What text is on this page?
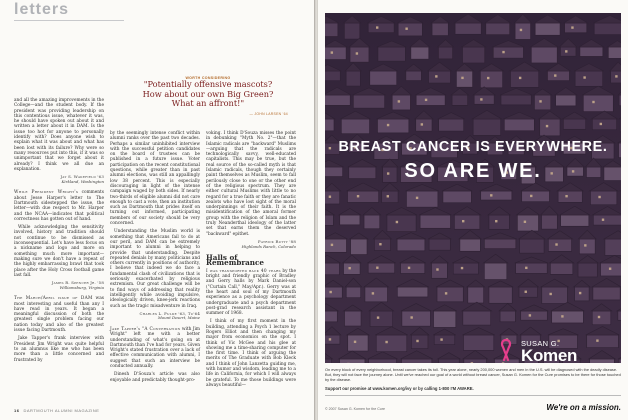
letters
WORTH CONSIDERING
"Potentially offensive mascots?
How about our own Big Green?
What an affront!"
— JOHN LARSEN '64

and all the amazing improvements in the College—and the student body. If the president was providing leadership on this contentious issue, whatever it was, he should have spoken out about it and written a letter about it in DAM. Is the issue too hot for anyone to personally identify with? Does anyone wish to explain what it was about and what has been lost with its failure? Why were so many resources put into this, if it was so unimportant that we forget about it already? I think we all due an explanation.

Jay S. Wakefield '63
Kirkland, Washington

While President Wright's comments about Jesse Harper's letter to The Dartmouth sidestepped the issue, the letter—with due respect to Mr. Harper and the NCAA—indicates that political correctness has gotten out of hand.

While acknowledging the sensitivity involved, history and tradition should not continue to be dismissed as inconsequential. Let's have less focus on a nickname and logo and more on something much more important—making sure we don't have a repeat of the highly embarrassing brawl that took place after the Holy Cross football game last fall.

James R. Spencer Jr. '58
Williamsburg, Virginia

The March/April issue of DAM was most interesting and useful than any I have read in years. It began a meaningful discussion of both the greatest single problem facing our nation today and also of the greatest issue facing Dartmouth.

Jake Tapper's frank interview with President Jim Wright was quite helpful to an alumnus like me who has been more than a little concerned and frustrated by

by the seemingly intense conflict within alumni ranks over the past two decades. Perhaps a similar uninhibited interview with the successful petition candidates on the board of trustees can be published in a future issue. Voter participation on the recent constitutional questions, while greater than in past alumni elections, was still an appallingly low 38 percent. This is especially discouraging in light of the intense campaign waged by both sides. If nearly two-thirds of eligible alumni did not care enough to cast a vote, then an institution such as Dartmouth that prides itself on turning out informed, participating members of our society should be very concerned.

Understanding the Muslim world is something that Americans fail to do at our peril, and DAM can be extremely important to alumni in helping to provide that understanding. Despite repeated denials by many politicians and others currently in positions of authority, I believe that indeed we do face a fundamental clash of civilizations that is seriously exacerbated by religious extremism. Our great challenge will be to find ways of addressing that reality intelligently while avoiding impulsive, ideologically driven, knee-jerk reactions such as the tragic misadventure in Iraq.

Charles L. Pulde '63, Tu'64
Mount Desert, Maine

Jake Tapper's "A Conversation with Jim Wright" left me with a better understanding of what's going on at Dartmouth than I've had for years. Given Wright's stated frustration over a lack of effective communication with alumni, I suggest that such an interview be conducted annually.

Dinesh D'Souza's article was also enjoyable and predictably thought-pro-

voking. I think D'Souza misses the point in debunking "Myth No. 2"—that the Islamic radicals are "backward" Muslims—arguing that the radicals are technologically savvy, well-educated capitalists. This may be true, but the real source of the so-called myth is that Islamic radicals, though they certainly paint themselves as Muslim, seem to fall perilously close to one or the other end of the religious spectrum. They are either cultural Muslims with little to no regard for a true faith or they are fanatic zealots who have lost sight of the moral underpinnings of their faith. It is the misidentification of the amoral former group with the religion of Islam and the truly Neanderthal ideology of the latter set that earns them the deserved "backward" epithet.

Patrick Rutty '88
Highlands Ranch, Colorado
Halls of Remembrance

I was transported back 40 years by the bright and friendly graphic of Bradley and Gerry halls by Mark Daniel-son ("Curtain Call," May/Apr.). Gerry was at the heart and soul of my Dartmouth experience as a psychology department undergraduate and a psych department post-grad research assistant in the summer of 1968.

I think of my first moment in the building, attending a Psych 1 lecture by Rogers Elliot and then changing my major from economics on the spot. I think of Vic McGee and his glee at showing me a time-sharing computer for the first time. I think of arguing the merits of The Graduate with Bob Kleck and I think of John Lanzetta guiding me, with humor and wisdom, leading me to a life in California, for which I will always be grateful. To me those buildings were always beautiful—

16 DARTMOUTH ALUMNI MAGAZINE
BREAST CANCER IS EVERYWHERE.
SO ARE WE.
SUSAN G.
Komen
On every block of every neighborhood, breast cancer takes its toll. This year alone, nearly 200,000 women and men in the U.S. will be diagnosed with the deadly disease. But, they will not face the journey alone. Until we've reached our goal of a world without breast cancer, Susan G. Komen for the Cure promises to be there for those touched by the disease.
Support our promise at www.komen.org/ivy or by calling 1-800 I'M AWARE.
© 2007 Susan G. Komen for the Cure	We're on a mission.
